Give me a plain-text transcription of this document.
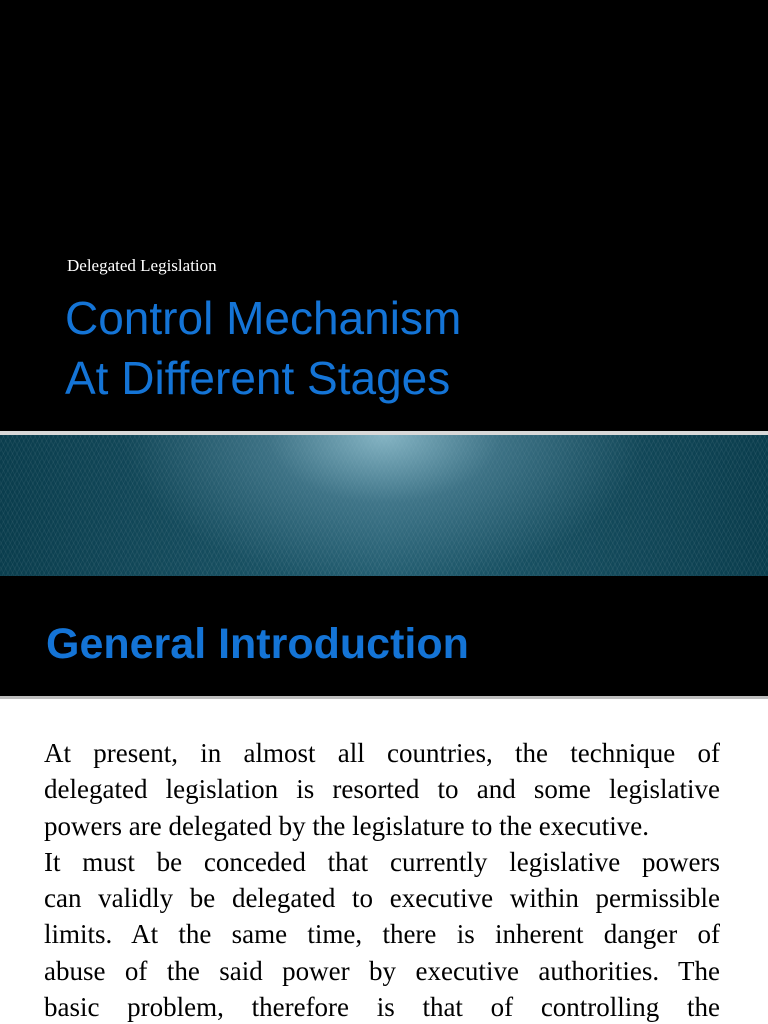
Delegated Legislation
Control Mechanism
At Different Stages
General Introduction

At present, in almost all countries, the technique of
delegated legislation is resorted to and some legislative
powers are delegated by the legislature to the executive.
It must be conceded that currently legislative powers
can validly be delegated to executive within permissible
limits. At the same time, there is inherent danger of
abuse of the said power by executive authorities. The
basic problem, therefore is that of controlling the
